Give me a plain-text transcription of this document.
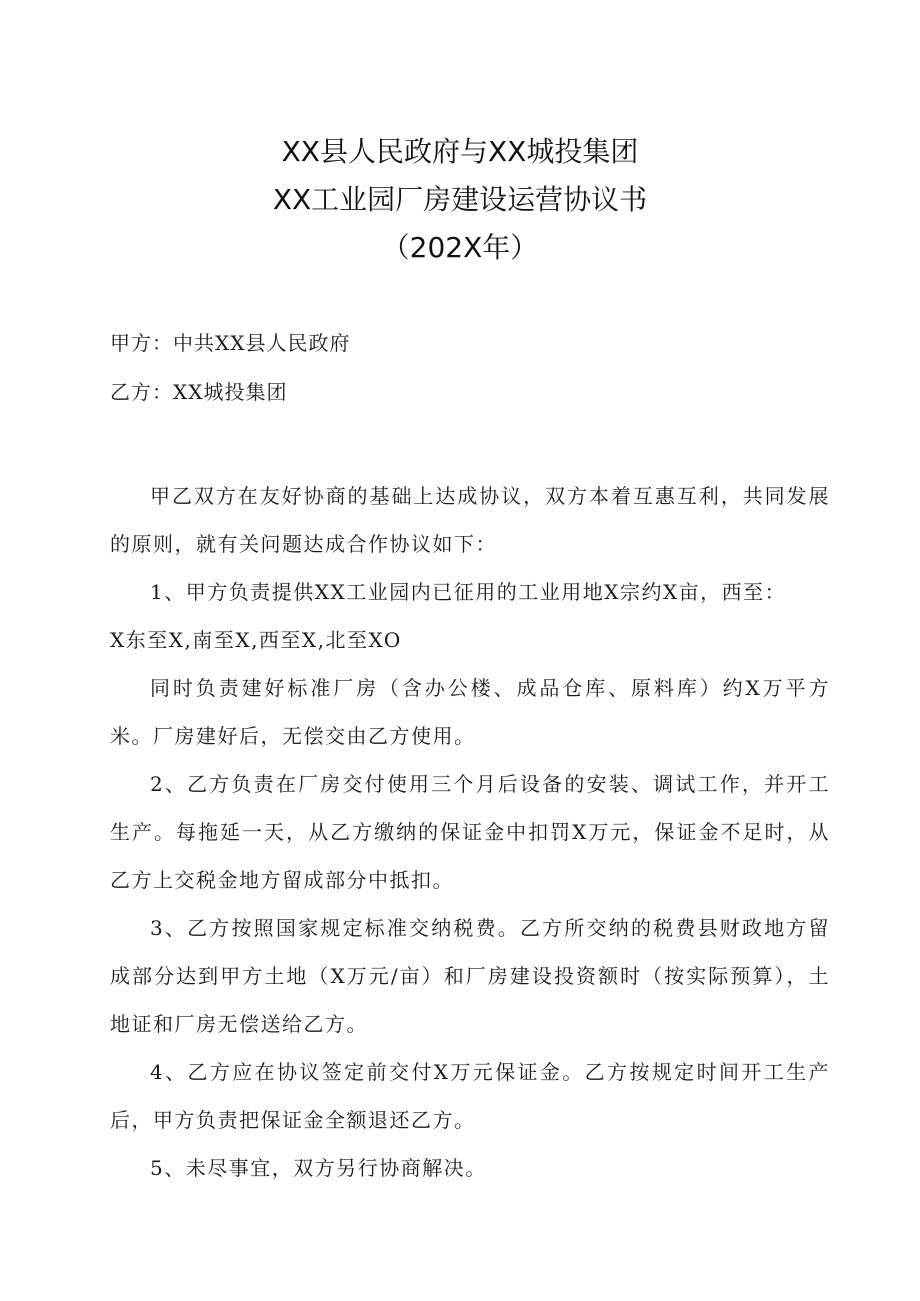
XX县人民政府与XX城投集团
XX工业园厂房建设运营协议书
（202X年）
甲方：中共XX县人民政府
乙方：XX城投集团

甲乙双方在友好协商的基础上达成协议，双方本着互惠互利，共同发展的原则，就有关问题达成合作协议如下：

1、甲方负责提供XX工业园内已征用的工业用地X宗约X亩，西至：

X东至X,南至X,西至X,北至XO

同时负责建好标准厂房（含办公楼、成品仓库、原料库）约X万平方米。厂房建好后，无偿交由乙方使用。

2、乙方负责在厂房交付使用三个月后设备的安装、调试工作，并开工生产。每拖延一天，从乙方缴纳的保证金中扣罚X万元，保证金不足时，从乙方上交税金地方留成部分中抵扣。

3、乙方按照国家规定标准交纳税费。乙方所交纳的税费县财政地方留成部分达到甲方土地（X万元/亩）和厂房建设投资额时（按实际预算），土地证和厂房无偿送给乙方。

4、乙方应在协议签定前交付X万元保证金。乙方按规定时间开工生产后，甲方负责把保证金全额退还乙方。

5、未尽事宜，双方另行协商解决。
